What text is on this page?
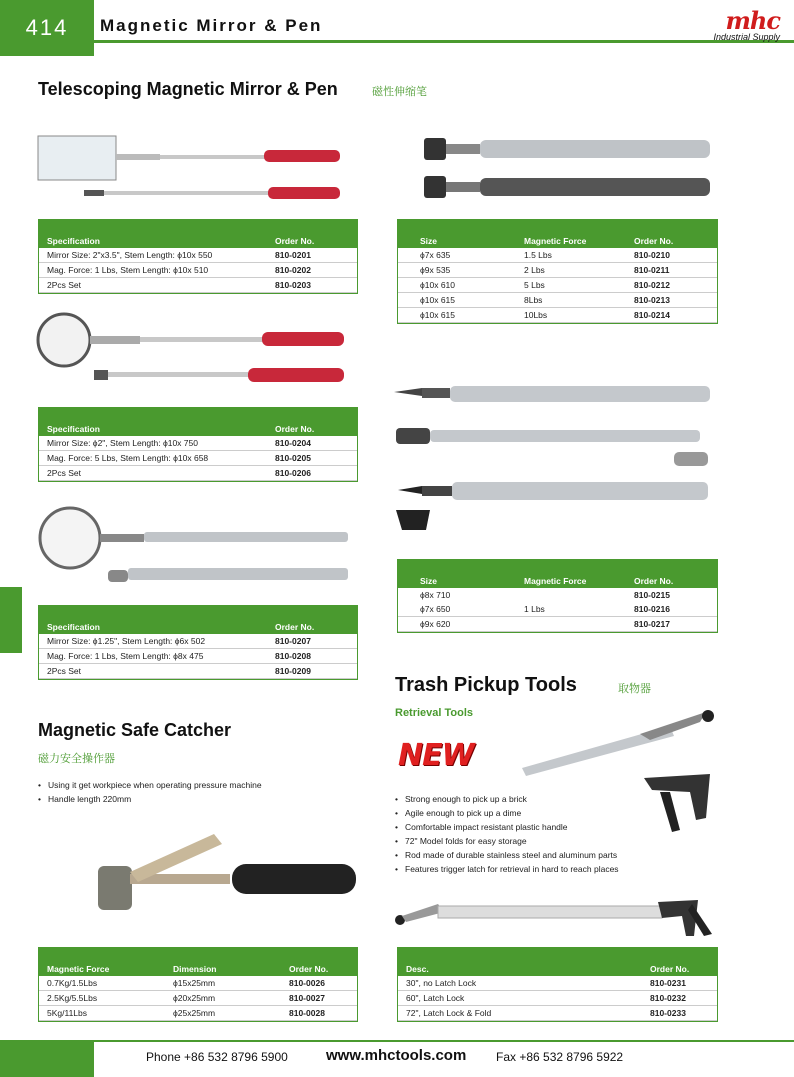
414	Magnetic Mirror & Pen	mhc
Industrial Supply
Telescoping Magnetic Mirror & Pen	磁性伸缩笔
Specification	Order No.
Mirror Size: 2"x3.5", Stem Length: ϕ10x 550	810-0201
Mag. Force: 1 Lbs, Stem Length: ϕ10x 510	810-0202
2Pcs Set	810-0203
Specification	Order No.
Mirror Size: ϕ2", Stem Length: ϕ10x 750	810-0204
Mag. Force: 5 Lbs, Stem Length: ϕ10x 658	810-0205
2Pcs Set	810-0206
Specification	Order No.
Mirror Size: ϕ1.25", Stem Length: ϕ6x 502	810-0207
Mag. Force: 1 Lbs, Stem Length: ϕ8x 475	810-0208
2Pcs Set	810-0209
Size	Magnetic Force	Order No.
ϕ7x 635	1.5 Lbs	810-0210
ϕ9x 535	2 Lbs	810-0211
ϕ10x 610	5 Lbs	810-0212
ϕ10x 615	8Lbs	810-0213
ϕ10x 615	10Lbs	810-0214
Size	Magnetic Force	Order No.
ϕ8x 710		810-0215
ϕ7x 650	1 Lbs	810-0216
ϕ9x 620		810-0217
Magnetic Safe Catcher
磁力安全操作器
• Using it get workpiece when operating pressure machine
• Handle length 220mm
Magnetic Force	Dimension	Order No.
0.7Kg/1.5Lbs	ϕ15x25mm	810-0026
2.5Kg/5.5Lbs	ϕ20x25mm	810-0027
5Kg/11Lbs	ϕ25x25mm	810-0028
Trash Pickup Tools	取物器
Retrieval Tools
NEW
• Strong enough to pick up a brick
• Agile enough to pick up a dime
• Comfortable impact resistant plastic handle
• 72" Model folds for easy storage
• Rod made of durable stainless steel and aluminum parts
• Features trigger latch for retrieval in hard to reach places
Desc.	Order No.
30", no Latch Lock	810-0231
60", Latch Lock	810-0232
72", Latch Lock & Fold	810-0233
Phone +86 532 8796 5900	www.mhctools.com Fax +86 532 8796 5922
